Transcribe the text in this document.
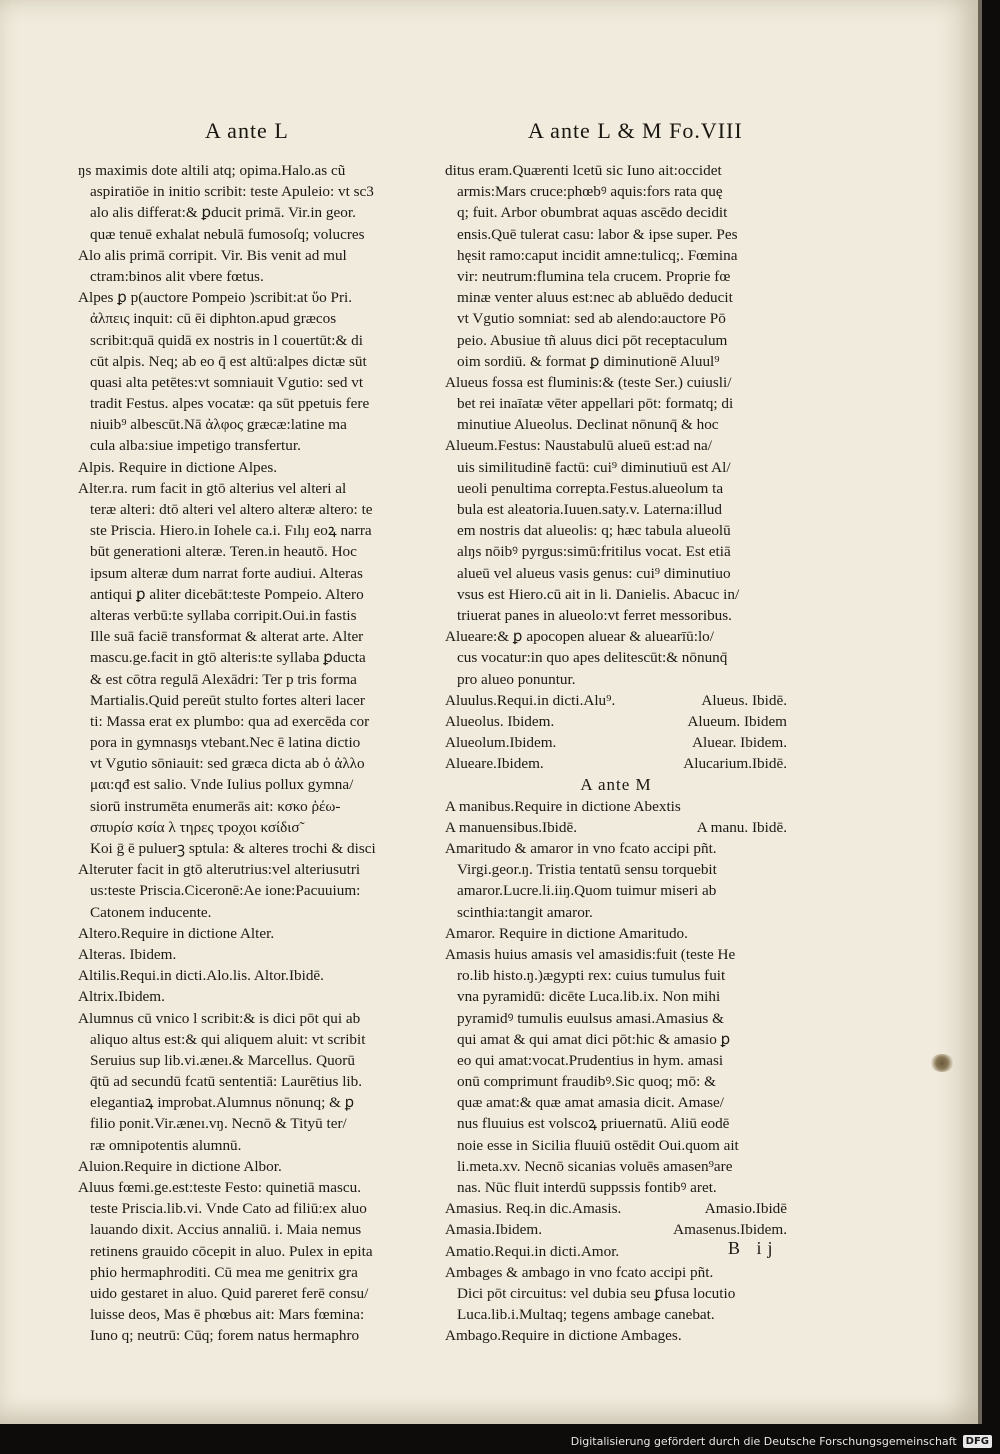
A ante L	A ante L & M Fo.VIII
ŋs maximis dote altili atq; opima.Halo.as cũ
aspiratiōe in initio scribit: teste Apuleio: vt sc3
alo alis differat:& ꝑducit primā. Vir.in geor.
quæ tenuē exhalat nebulā fumosoſq; volucres
Alo alis primā corripit. Vir. Bis venit ad mul
ctram:binos alit vbere fœtus.
Alpes ꝑ p(auctore Pompeio )scribit:at ὕο Pri.
ἀλπεις inquit: cū ēi diphton.apud græcos
scribit:quā quidā ex nostris in l couertūt:& di
cūt alpis. Neq; ab eo q̄ est altū:alpes dictæ sūt
quasi alta petētes:vt somniauit Vgutio: sed vt
tradit Festus. alpes vocatæ: qa sūt ppetuis fere
niuib⁹ albescūt.Nā ἀλφος græcæ:latine ma
cula alba:siue impetigo transfertur.
Alpis. Require in dictione Alpes.
Alter.ra. rum facit in gtō alterius vel alteri al
teræ alteri: dtō alteri vel altero alteræ altero: te
ste Priscia. Hiero.in Iohele ca.i. Fılıȷ eoꝝ narra
būt generationi alteræ. Teren.in heautō. Hoc
ipsum alteræ dum narrat forte audiui. Alteras
antiqui ꝑ aliter dicebāt:teste Pompeio. Altero
alteras verbū:te syllaba corripit.Oui.in fastis
Ille suā faciē transformat & alterat arte. Alter
mascu.ge.facit in gtō alteris:te syllaba ꝑducta
& est cōtra regulā Alexādri: Ter p tris forma
Martialis.Quid pereūt stulto fortes alteri lacer
ti: Massa erat ex plumbo: qua ad exercēda cor
pora in gymnasŋs vtebant.Nec ē latina dictio
vt Vgutio sōniauit: sed græca dicta ab ὁ ἀλλο
μαι:qđ est salio. Vnde Iulius pollux gymna/
siorū instrumēta enumerās ait: κσκο ῥέω-
σπυρίσ κσία λ τηρες τροχοι κσίδισ̃
Koi ḡ ē puluerꝫ sptula: & alteres trochi & disci
Alteruter facit in gtō alterutrius:vel alteriusutri
us:teste Priscia.Ciceronē:Ae ione:Pacuuium:
Catonem inducente.
Altero.Require in dictione Alter.
Alteras. Ibidem.
Altilis.Requi.in dicti.Alo.lis. Altor.Ibidē.
Altrix.Ibidem.
Alumnus cū vnico l scribit:& is dici pōt qui ab
aliquo altus est:& qui aliquem aluit: vt scribit
Seruius sup lib.vi.æneı.& Marcellus. Quorū
q̄tū ad secundū fcatū sententiā: Laurētius lib.
elegantiaꝝ improbat.Alumnus nōnunq; & ꝑ
filio ponit.Vir.æneı.vŋ. Necnō & Tityū ter/
ræ omnipotentis alumnū.
Aluion.Require in dictione Albor.
Aluus fœmi.ge.est:teste Festo: quinetiā mascu.
teste Priscia.lib.vi. Vnde Cato ad filiū:ex aluo
lauando dixit. Accius annaliū. i. Maia nemus
retinens grauido cōcepit in aluo. Pulex in epita
phio hermaphroditi. Cū mea me genitrix gra
uido gestaret in aluo. Quid pareret ferē consu/
luisse deos, Mas ē phœbus ait: Mars fœmina:
Iuno q; neutrū: Cūq; forem natus hermaphro
ditus eram.Quærenti lcetū sic Iuno ait:occidet
armis:Mars cruce:phœbꝰ aquis:fors rata quę
q; fuit. Arbor obumbrat aquas ascēdo decidit
ensis.Quē tulerat casu: labor & ipse super. Pes
hęsit ramo:caput incidit amne:tulicq;. Fœmina
vir: neutrum:flumina tela crucem. Proprie fœ
minæ venter aluus est:nec ab abluēdo deducit
vt Vgutio somniat: sed ab alendo:auctore Pō
peio. Abusiue tñ aluus dici pōt receptaculum
oim sordiū. & format ꝑ diminutionē Aluul⁹
Alueus fossa est fluminis:& (teste Ser.) cuiusli/
bet rei inaīatæ vēter appellari pōt: formatq; di
minutiue Alueolus. Declinat nōnunq̄ & hoc
Alueum.Festus: Naustabulū alueū est:ad na/
uis similitudinē factū: cui⁹ diminutiuū est Al/
ueoli penultima correpta.Festus.alueolum ta
bula est aleatoria.Iuuen.saty.v. Laterna:illud
em nostris dat alueolis: q; hæc tabula alueolū
alŋs nōibꝰ pyrgus:simū:fritilus vocat. Est etiā
alueū vel alueus vasis genus: cui⁹ diminutiuo
vsus est Hiero.cū ait in li. Danielis. Abacuc in/
triuerat panes in alueolo:vt ferret messoribus.
Alueare:& ꝑ apocopen aluear & aluearīū:lo/
cus vocatur:in quo apes delitescūt:& nōnunq̄
pro alueo ponuntur.
Aluulus.Requi.in dicti.Alu⁹.	Alueus. Ibidē.
Alueolus. Ibidem.	Alueum. Ibidem
Alueolum.Ibidem.	Aluear. Ibidem.
Alueare.Ibidem.	Alucarium.Ibidē.
A ante M
A manibus.Require in dictione Abextis
A manuensibus.Ibidē.	A manu. Ibidē.
Amaritudo & amaror in vno fcato accipi pñt.
Virgi.geor.ŋ. Tristia tentatū sensu torquebit
amaror.Lucre.li.iiŋ.Quom tuimur miseri ab
scinthia:tangit amaror.
Amaror. Require in dictione Amaritudo.
Amasis huius amasis vel amasidis:fuit (teste He
ro.lib histo.ŋ.)ægypti rex: cuius tumulus fuit
vna pyramidū: dicēte Luca.lib.ix. Non mihi
pyramidꝰ tumulis euulsus amasi.Amasius &
qui amat & qui amat dici pōt:hic & amasio ꝑ
eo qui amat:vocat.Prudentius in hym. amasi
onū comprimunt fraudibꝰ.Sic quoq; mō: &
quæ amat:& quæ amat amasia dicit. Amase/
nus fluuius est volscoꝝ priuernatū. Aliū eodē
noie esse in Sicilia fluuiū ostēdit Oui.quom ait
li.meta.xv. Necnō sicanias voluēs amasen⁹are
nas. Nūc fluit interdū suppssis fontibꝰ aret.
Amasius. Req.in dic.Amasis.	Amasio.Ibidē
Amasia.Ibidem.	Amasenus.Ibidem.
Amatio.Requi.in dicti.Amor.
Ambages & ambago in vno fcato accipi pñt.
Dici pōt circuitus: vel dubia seu ꝑfusa locutio
Luca.lib.i.Multaq; tegens ambage canebat.
Ambago.Require in dictione Ambages.
B ij
Digitalisierung gefördert durch die Deutsche Forschungsgemeinschaft DFG
